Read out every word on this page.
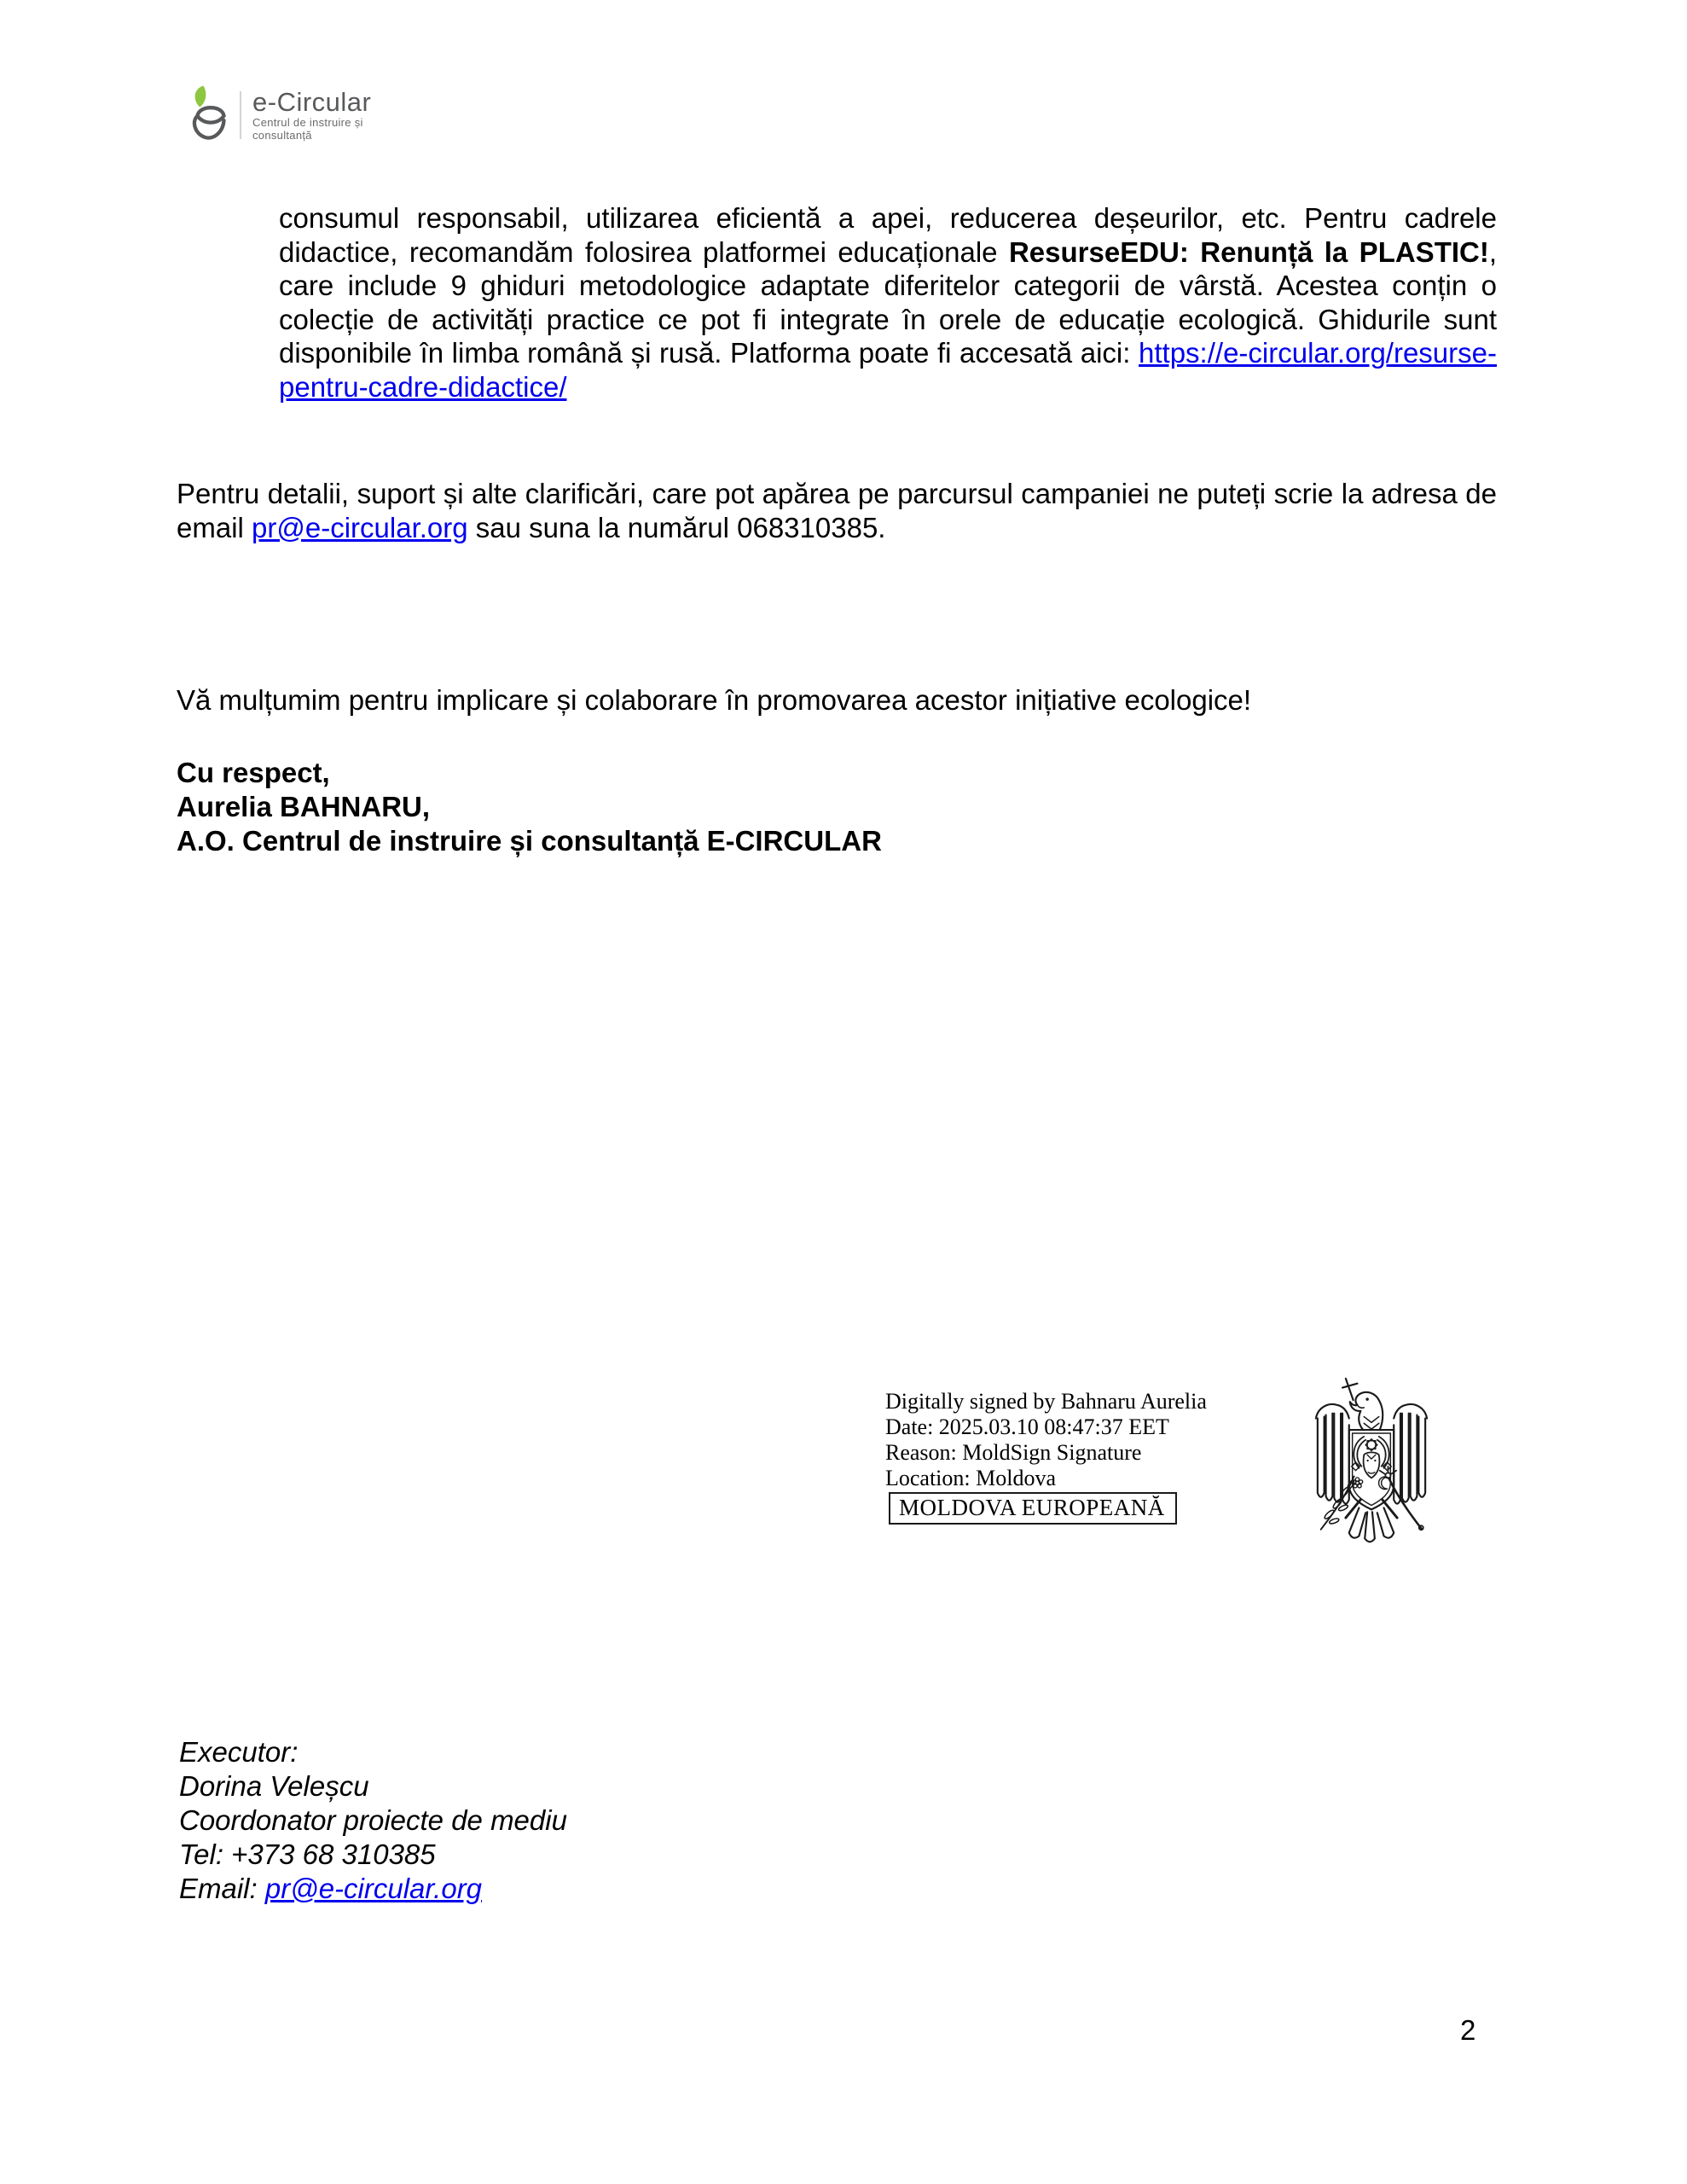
e-Circular
Centrul de instruire și
consultanță

consumul responsabil, utilizarea eficientă a apei, reducerea deșeurilor, etc. Pentru cadrele didactice, recomandăm folosirea platformei educaționale ResurseEDU: Renunță la PLASTIC!, care include 9 ghiduri metodologice adaptate diferitelor categorii de vârstă. Acestea conțin o colecție de activități practice ce pot fi integrate în orele de educație ecologică. Ghidurile sunt disponibile în limba română și rusă. Platforma poate fi accesată aici: https://e-circular.org/resurse-pentru-cadre-didactice/

Pentru detalii, suport și alte clarificări, care pot apărea pe parcursul campaniei ne puteți scrie la adresa de email pr@e-circular.org sau suna la numărul 068310385.

Vă mulțumim pentru implicare și colaborare în promovarea acestor inițiative ecologice!

Cu respect,
Aurelia BAHNARU,
A.O. Centrul de instruire și consultanță E-CIRCULAR
Digitally signed by Bahnaru Aurelia
Date: 2025.03.10 08:47:37 EET
Reason: MoldSign Signature
Location: Moldova
MOLDOVA EUROPEANĂ
Executor:
Dorina Veleșcu
Coordonator proiecte de mediu
Tel: +373 68 310385
Email: pr@e-circular.org
2
